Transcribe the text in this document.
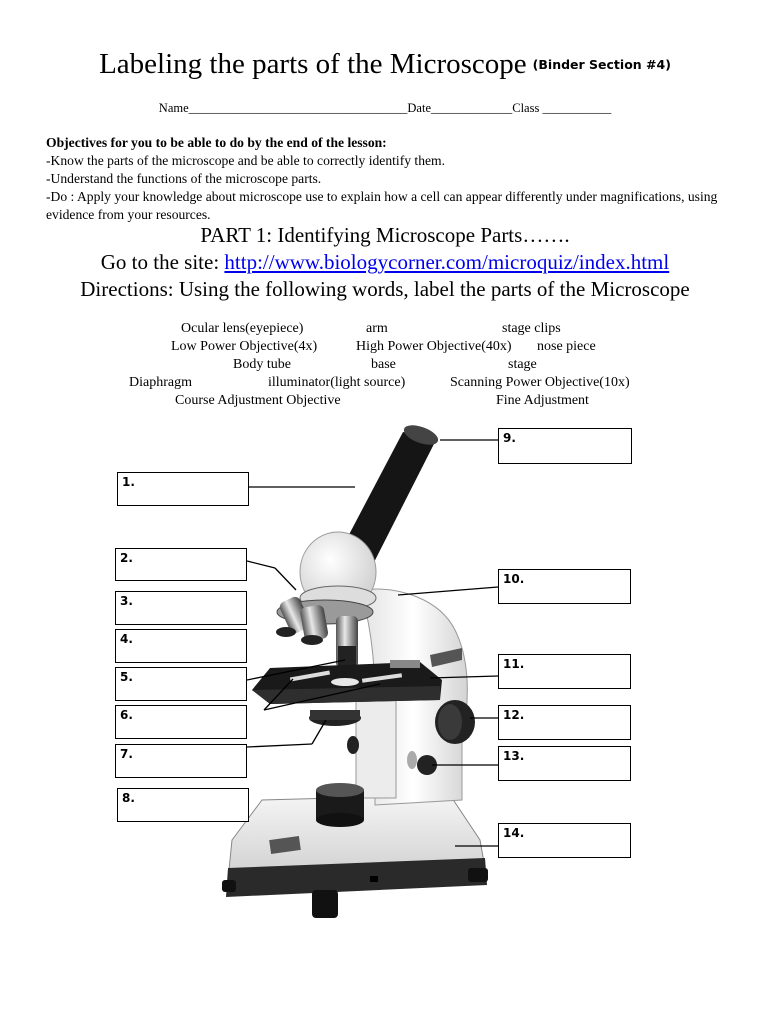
Labeling the parts of the Microscope $^{(Binder Section \#4)}$
Name___________________________________Date_____________Class ___________
Objectives for you to be able to do by the end of the lesson:
-Know the parts of the microscope and be able to correctly identify them.
-Understand the functions of the microscope parts.
-Do : Apply your knowledge about microscope use to explain how a cell can appear differently under magnifications, using evidence from your resources.
PART 1: Identifying Microscope Parts…….
Go to the site: http://www.biologycorner.com/microquiz/index.html
Directions: Using the following words, label the parts of the Microscope
Ocular lens(eyepiece)	arm	stage clips
Low Power Objective(4x)	High Power Objective(40x) nose piece
Body tube	base	stage
Diaphragm	illuminator(light source)	Scanning Power Objective(10x)
Course Adjustment Objective	Fine Adjustment
1.
2.
3.
4.
5.
6.
7.
8.
9.
10.
11.
12.
13.
14.
